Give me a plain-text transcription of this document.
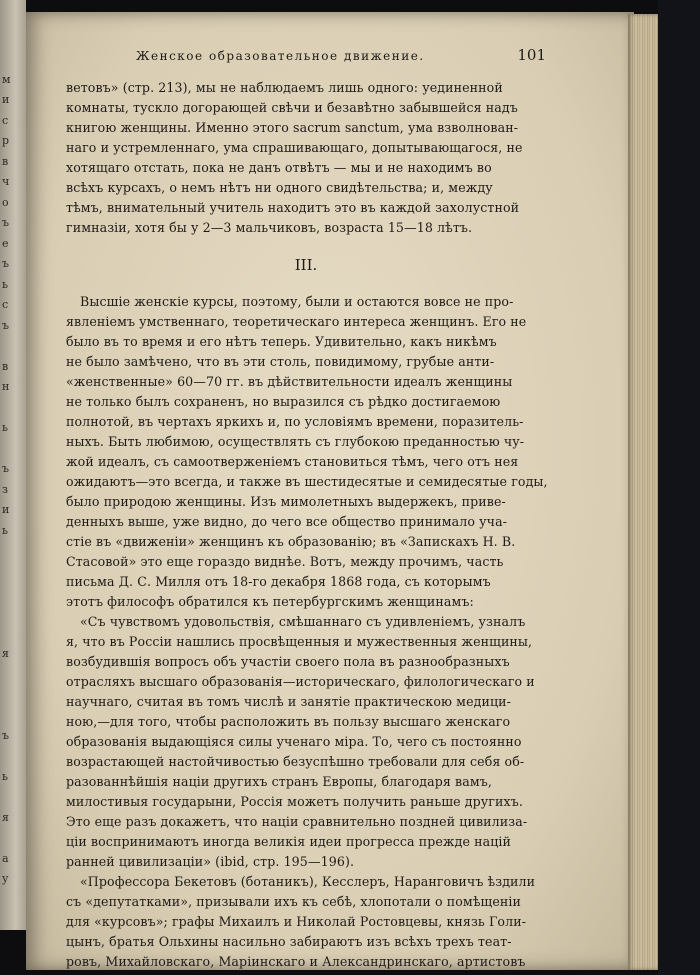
м
и
с
р
в
ч
о
ъ
е
ъ
ь
с
ъ
в
н
ь
ъ
з
и
ь
я
ъ
ь
я
а
у
Женское образовательное движение.	101
ветовъ» (стр. 213), мы не наблюдаемъ лишь одного: уединенной
комнаты, тускло догорающей свѣчи и безавѣтно забывшейся надъ
книгою женщины. Именно этого sacrum sanctum, ума взволнован-
наго и устремленнаго, ума спрашивающаго, допытывающагося, не
хотящаго отстать, пока не данъ отвѣтъ — мы и не находимъ во
всѣхъ курсахъ, о немъ нѣтъ ни одного свидѣтельства; и, между
тѣмъ, внимательный учитель находитъ это въ каждой захолустной
гимназіи, хотя бы у 2—3 мальчиковъ, возраста 15—18 лѣтъ.
III.
Высшіе женскіе курсы, поэтому, были и остаются вовсе не про-
явленіемъ умственнаго, теоретическаго интереса женщинъ. Его не
было въ то время и его нѣтъ теперь. Удивительно, какъ никѣмъ
не было замѣчено, что въ эти столь, повидимому, грубые анти-
«женственные» 60—70 гг. въ дѣйствительности идеалъ женщины
не только былъ сохраненъ, но выразился съ рѣдко достигаемою
полнотой, въ чертахъ яркихъ и, по условіямъ времени, поразитель-
ныхъ. Быть любимою, осуществлять съ глубокою преданностью чу-
жой идеалъ, съ самоотверженіемъ становиться тѣмъ, чего отъ нея
ожидаютъ—это всегда, и также въ шестидесятые и семидесятые годы,
было природою женщины. Изъ мимолетныхъ выдержекъ, приве-
денныхъ выше, уже видно, до чего все общество принимало уча-
стіе въ «движеніи» женщинъ къ образованію; въ «Запискахъ Н. В.
Стасовой» это еще гораздо виднѣе. Вотъ, между прочимъ, часть
письма Д. С. Милля отъ 18-го декабря 1868 года, съ которымъ
этотъ философъ обратился къ петербургскимъ женщинамъ:
«Съ чувствомъ удовольствія, смѣшаннаго съ удивленіемъ, узналъ
я, что въ Россіи нашлись просвѣщенныя и мужественныя женщины,
возбудившія вопросъ объ участіи своего пола въ разнообразныхъ
отрасляхъ высшаго образованія—историческаго, филологическаго и
научнаго, считая въ томъ числѣ и занятіе практическою медици-
ною,—для того, чтобы расположить въ пользу высшаго женскаго
образованія выдающіяся силы ученаго міра. То, чего съ постоянно
возрастающей настойчивостью безуспѣшно требовали для себя об-
разованнѣйшія націи другихъ странъ Европы, благодаря вамъ,
милостивыя государыни, Россія можетъ получить раньше другихъ.
Это еще разъ докажетъ, что націи сравнительно поздней цивилиза-
ціи воспринимаютъ иногда великія идеи прогресса прежде націй
ранней цивилизаціи» (ibid, стр. 195—196).
«Профессора Бекетовъ (ботаникъ), Кесслеръ, Наранговичъ ѣздили
съ «депутатками», призывали ихъ къ себѣ, хлопотали о помѣщеніи
для «курсовъ»; графы Михаилъ и Николай Ростовцевы, князь Голи-
цынъ, братья Ольхины насильно забираютъ изъ всѣхъ трехъ теат-
ровъ, Михайловскаго, Маріинскаго и Александринскаго, артистовъ
